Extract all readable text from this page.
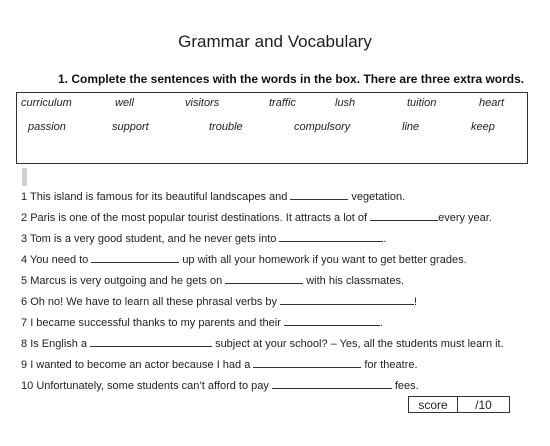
Grammar and Vocabulary
1. Complete the sentences with the words in the box. There are three extra words.
curriculum	well	visitors	traffic	lush	tuition	heart
passion	support	trouble	compulsory	line	keep
1 This island is famous for its beautiful landscapes and	vegetation.
2 Paris is one of the most popular tourist destinations. It attracts a lot of	every year.
3 Tom is a very good student, and he never gets into	.
4 You need to	up with all your homework if you want to get better grades.
5 Marcus is very outgoing and he gets on	with his classmates.
6 Oh no! We have to learn all these phrasal verbs by	!
7 I became successful thanks to my parents and their	.
8 Is English a	subject at your school? – Yes, all the students must learn it.
9 I wanted to become an actor because I had a	for theatre.
10 Unfortunately, some students can’t afford to pay	fees.
score	/10
